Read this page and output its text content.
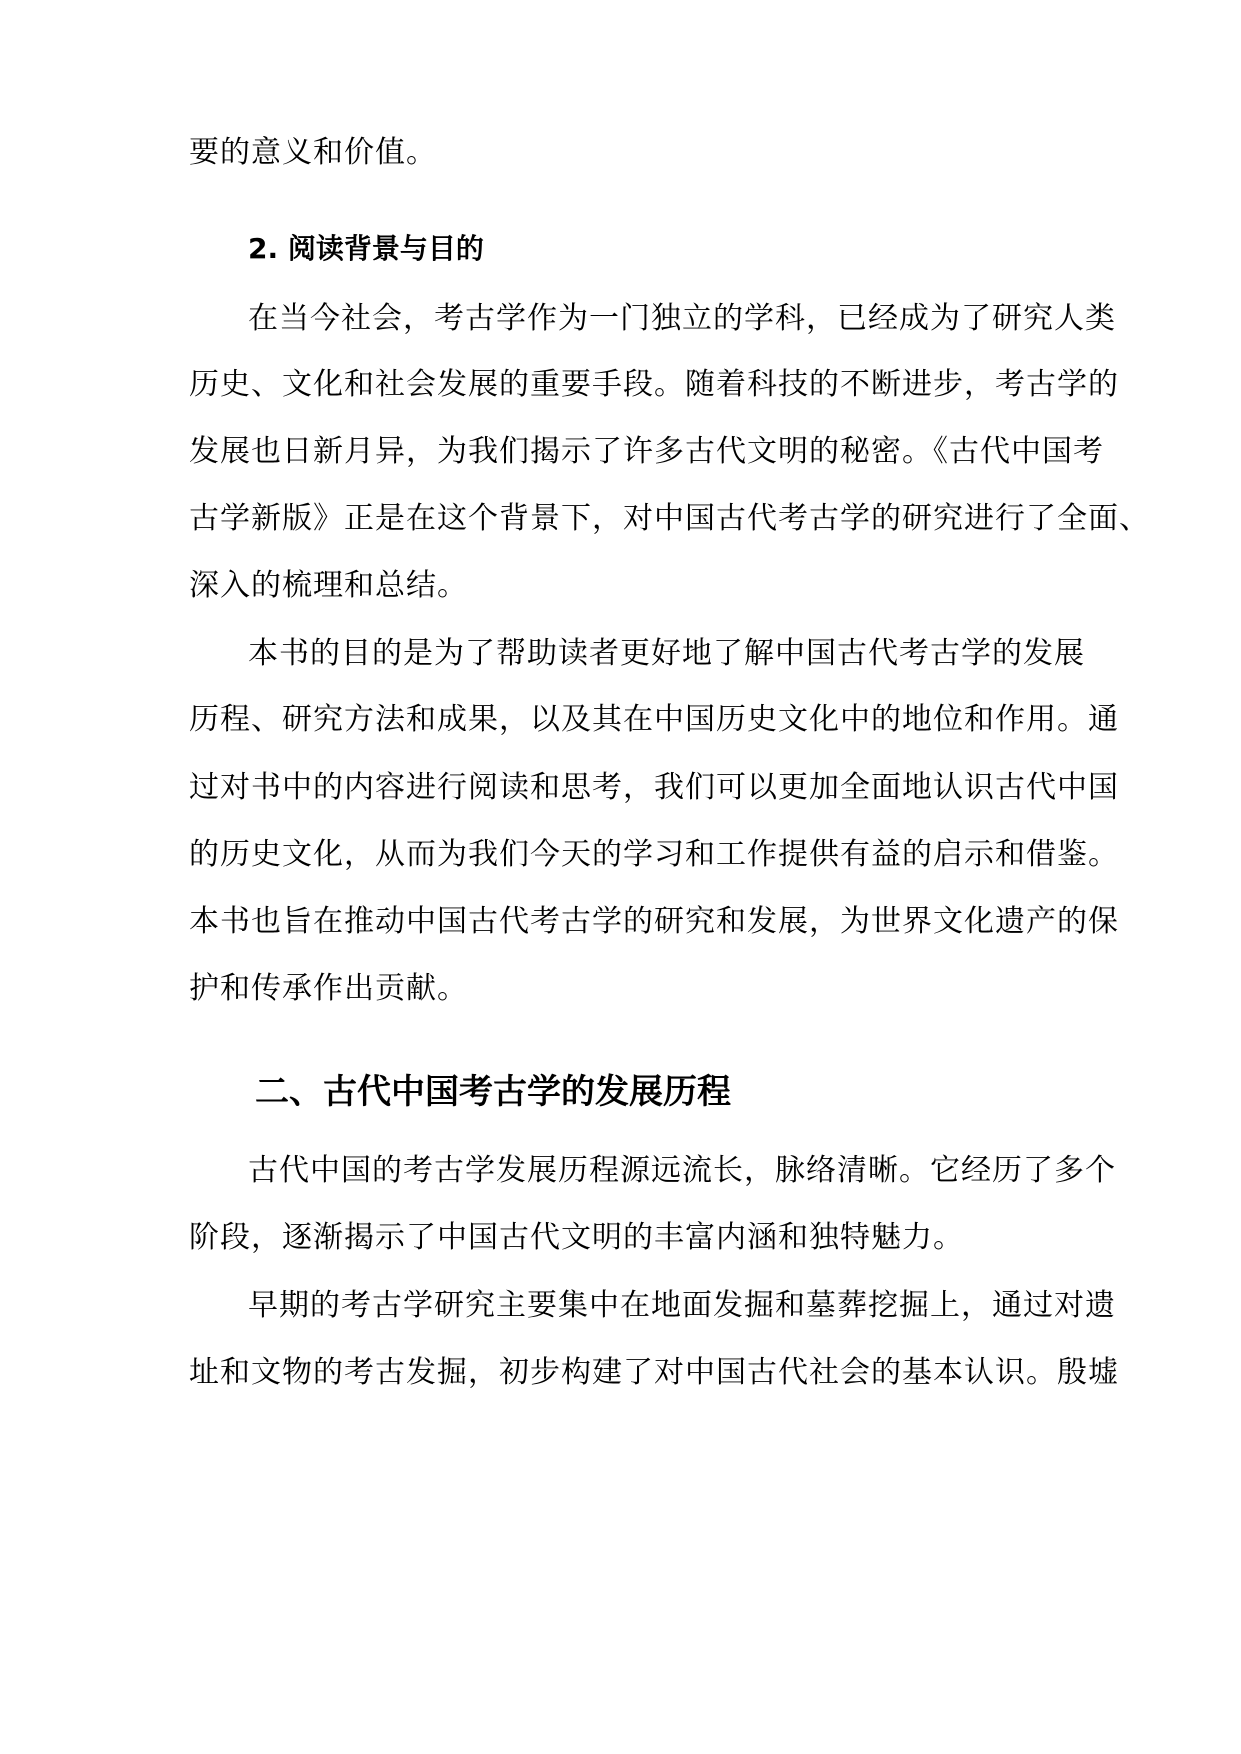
要的意义和价值。
2. 阅读背景与目的
在当今社会，考古学作为一门独立的学科，已经成为了研究人类
历史、文化和社会发展的重要手段。随着科技的不断进步，考古学的
发展也日新月异，为我们揭示了许多古代文明的秘密。《古代中国考
古学新版》正是在这个背景下，对中国古代考古学的研究进行了全面、
深入的梳理和总结。
本书的目的是为了帮助读者更好地了解中国古代考古学的发展
历程、研究方法和成果，以及其在中国历史文化中的地位和作用。通
过对书中的内容进行阅读和思考，我们可以更加全面地认识古代中国
的历史文化，从而为我们今天的学习和工作提供有益的启示和借鉴。
本书也旨在推动中国古代考古学的研究和发展，为世界文化遗产的保
护和传承作出贡献。
二、古代中国考古学的发展历程
古代中国的考古学发展历程源远流长，脉络清晰。它经历了多个
阶段，逐渐揭示了中国古代文明的丰富内涵和独特魅力。
早期的考古学研究主要集中在地面发掘和墓葬挖掘上，通过对遗
址和文物的考古发掘，初步构建了对中国古代社会的基本认识。殷墟
